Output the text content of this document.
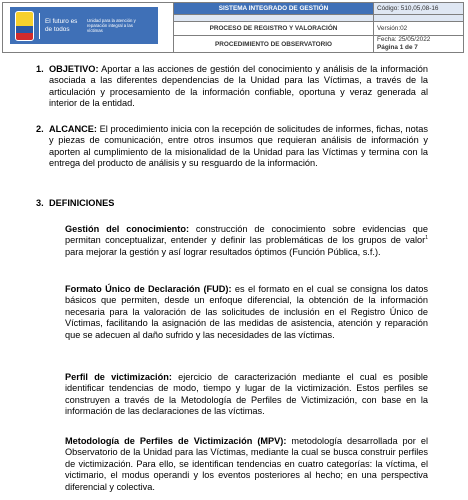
El futuro es de todos
Unidad para la atención y reparación integral a las víctimas	SISTEMA INTEGRADO DE GESTIÓN	Código: 510,05,08-16

	PROCESO DE REGISTRO Y VALORACIÓN	Versión:02
	PROCEDIMIENTO DE OBSERVATORIO	Fecha: 25/05/2022
Página 1 de 7
1. OBJETIVO: Aportar a las acciones de gestión del conocimiento y análisis de la información asociada a las diferentes dependencias de la Unidad para las Víctimas, a través de la articulación y procesamiento de la información confiable, oportuna y veraz generada al interior de la entidad.
2. ALCANCE: El procedimiento inicia con la recepción de solicitudes de informes, fichas, notas y piezas de comunicación, entre otros insumos que requieran análisis de información y aporten al cumplimiento de la misionalidad de la Unidad para las Víctimas y termina con la entrega del producto de análisis y su resguardo de la información.
3. DEFINICIONES
Gestión del conocimiento: construcción de conocimiento sobre evidencias que permitan conceptualizar, entender y definir las problemáticas de los grupos de valor$^1$ para mejorar la gestión y así lograr resultados óptimos (Función Pública, s.f.).
Formato Único de Declaración (FUD): es el formato en el cual se consigna los datos básicos que permiten, desde un enfoque diferencial, la obtención de la información necesaria para la valoración de las solicitudes de inclusión en el Registro Único de Víctimas, facilitando la asignación de las medidas de asistencia, atención y reparación que se adecuen al daño sufrido y las necesidades de las víctimas.
Perfil de victimización: ejercicio de caracterización mediante el cual es posible identificar tendencias de modo, tiempo y lugar de la victimización. Estos perfiles se construyen a través de la Metodología de Perfiles de Victimización, con base en la información de las declaraciones de las víctimas.
Metodología de Perfiles de Victimización (MPV): metodología desarrollada por el Observatorio de la Unidad para las Víctimas, mediante la cual se busca construir perfiles de victimización. Para ello, se identifican tendencias en cuatro categorías: la víctima, el victimario, el modus operandi y los eventos posteriores al hecho; en una perspectiva diferencial y colectiva.
